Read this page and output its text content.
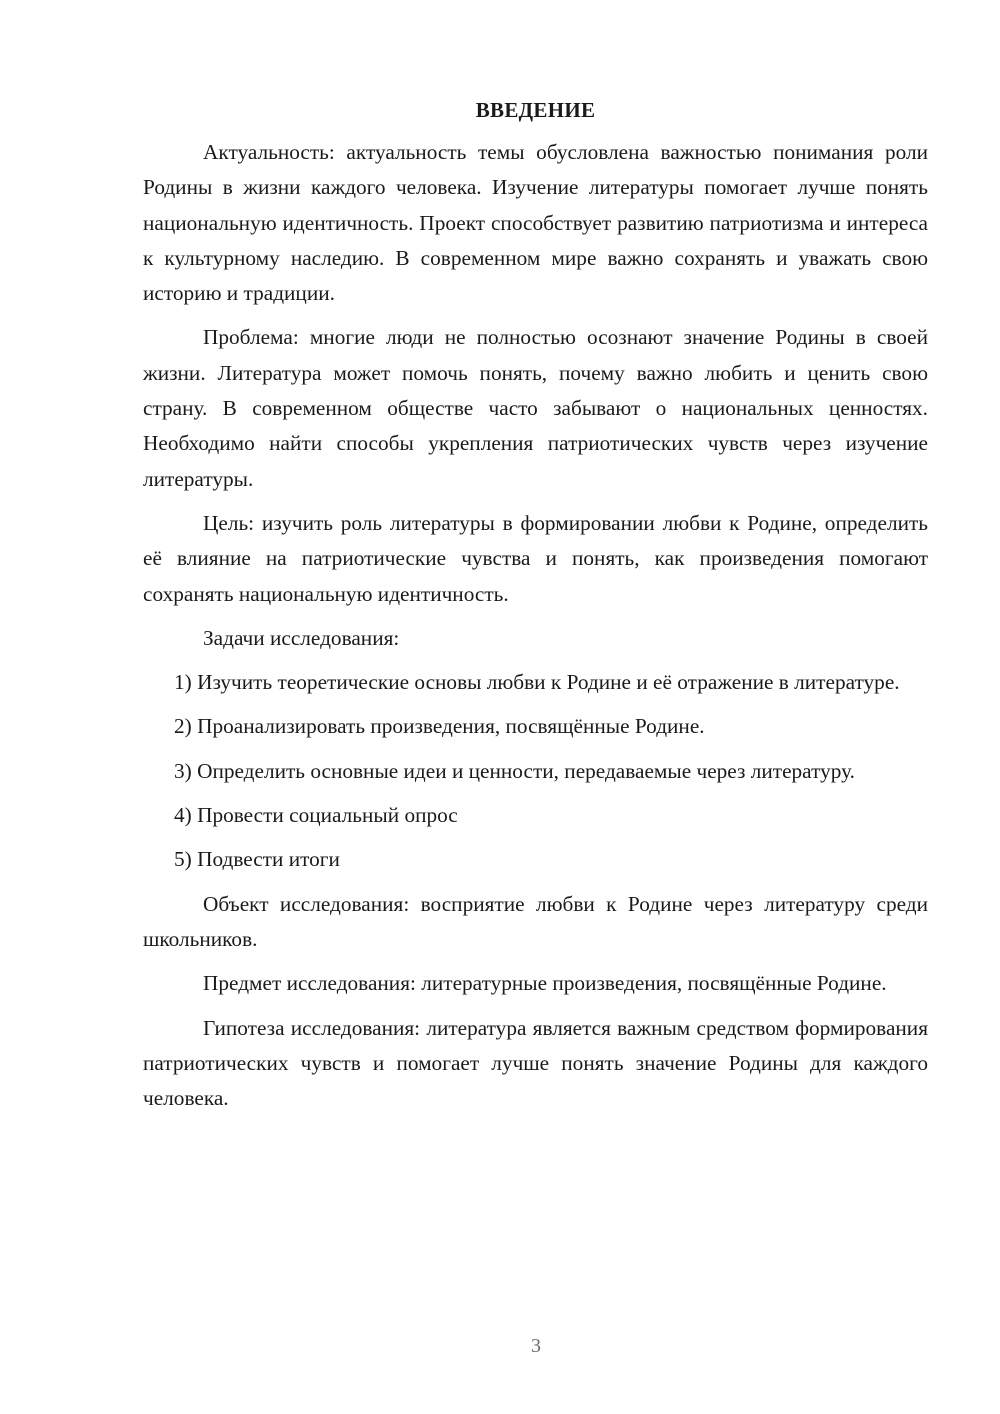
ВВЕДЕНИЕ

Актуальность: актуальность темы обусловлена важностью понимания роли Родины в жизни каждого человека. Изучение литературы помогает лучше понять национальную идентичность. Проект способствует развитию патриотизма и интереса к культурному наследию. В современном мире важно сохранять и уважать свою историю и традиции.

Проблема: многие люди не полностью осознают значение Родины в своей жизни. Литература может помочь понять, почему важно любить и ценить свою страну. В современном обществе часто забывают о национальных ценностях. Необходимо найти способы укрепления патриотических чувств через изучение литературы.

Цель: изучить роль литературы в формировании любви к Родине, определить её влияние на патриотические чувства и понять, как произведения помогают сохранять национальную идентичность.

Задачи исследования:

1) Изучить теоретические основы любви к Родине и её отражение в литературе.

2) Проанализировать произведения, посвящённые Родине.

3) Определить основные идеи и ценности, передаваемые через литературу.

4) Провести социальный опрос

5) Подвести итоги

Объект исследования: восприятие любви к Родине через литературу среди школьников.

Предмет исследования: литературные произведения, посвящённые Родине.

Гипотеза исследования: литература является важным средством формирования патриотических чувств и помогает лучше понять значение Родины для каждого человека.

3
